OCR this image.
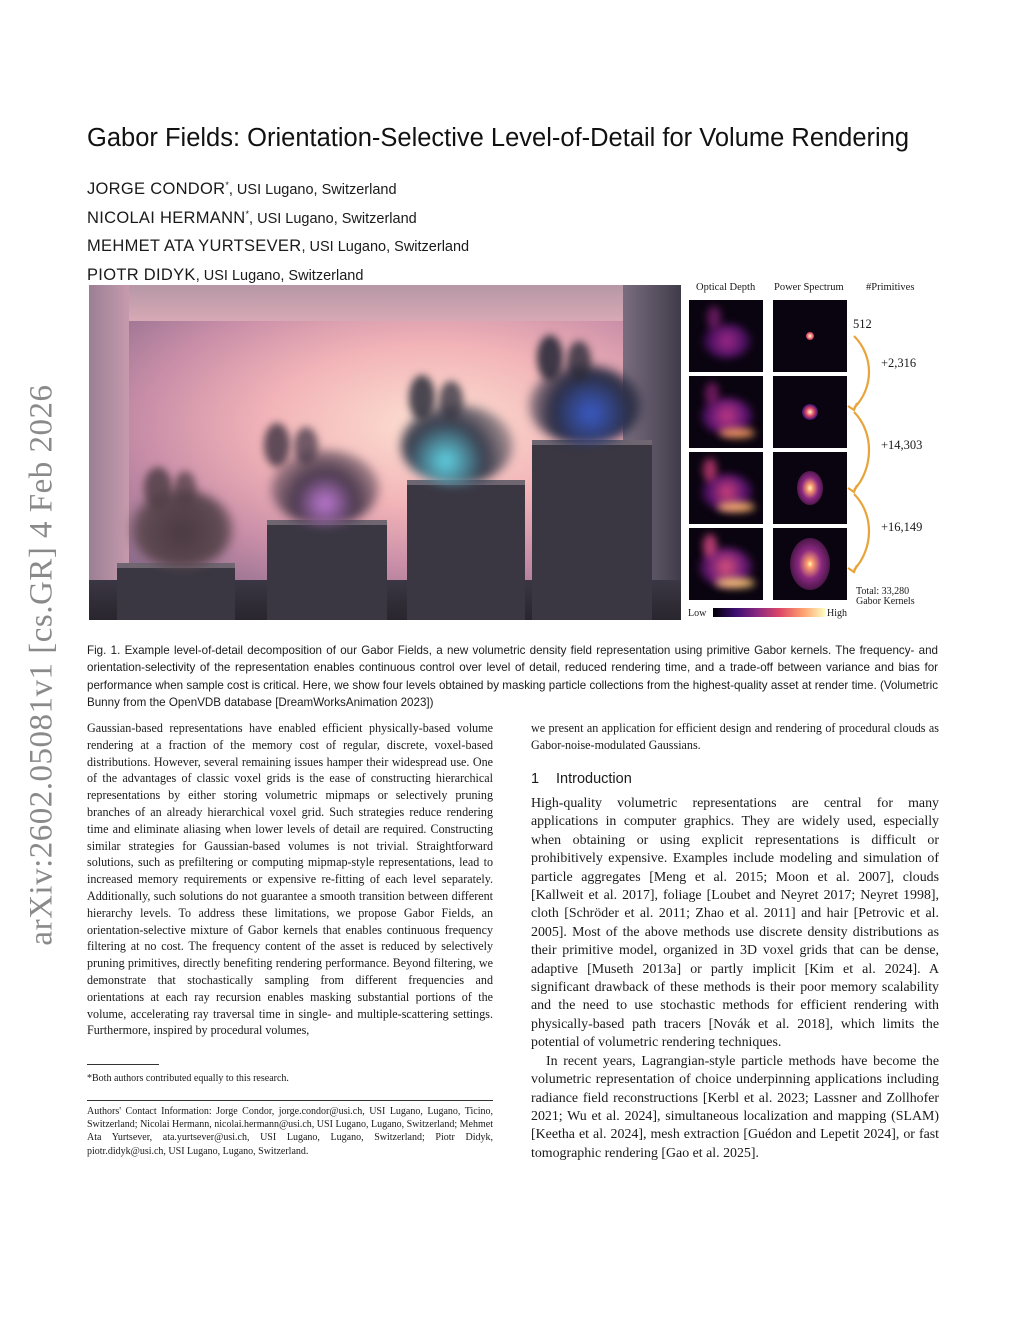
arXiv:2602.05081v1 [cs.GR] 4 Feb 2026
Gabor Fields: Orientation-Selective Level-of-Detail for Volume Rendering
JORGE CONDOR*, USI Lugano, Switzerland
NICOLAI HERMANN*, USI Lugano, Switzerland
MEHMET ATA YURTSEVER, USI Lugano, Switzerland
PIOTR DIDYK, USI Lugano, Switzerland
Optical Depth Power Spectrum #Primitives
512
+2,316
+14,303
+16,149
Total: 33,280
Gabor Kernels
Low	High
Fig. 1. Example level-of-detail decomposition of our Gabor Fields, a new volumetric density field representation using primitive Gabor kernels. The frequency- and orientation-selectivity of the representation enables continuous control over level of detail, reduced rendering time, and a trade-off between variance and bias for performance when sample cost is critical. Here, we show four levels obtained by masking particle collections from the highest-quality asset at render time. (Volumetric Bunny from the OpenVDB database [DreamWorksAnimation 2023])
Gaussian-based representations have enabled efficient physically-based volume rendering at a fraction of the memory cost of regular, discrete, voxel-based distributions. However, several remaining issues hamper their widespread use. One of the advantages of classic voxel grids is the ease of constructing hierarchical representations by either storing volumetric mipmaps or selectively pruning branches of an already hierarchical voxel grid. Such strategies reduce rendering time and eliminate aliasing when lower levels of detail are required. Constructing similar strategies for Gaussian-based volumes is not trivial. Straightforward solutions, such as prefiltering or computing mipmap-style representations, lead to increased memory requirements or expensive re-fitting of each level separately. Additionally, such solutions do not guarantee a smooth transition between different hierarchy levels. To address these limitations, we propose Gabor Fields, an orientation-selective mixture of Gabor kernels that enables continuous frequency filtering at no cost. The frequency content of the asset is reduced by selectively pruning primitives, directly benefiting rendering performance. Beyond filtering, we demonstrate that stochastically sampling from different frequencies and orientations at each ray recursion enables masking substantial portions of the volume, accelerating ray traversal time in single- and multiple-scattering settings. Furthermore, inspired by procedural volumes,
we present an application for efficient design and rendering of procedural clouds as Gabor-noise-modulated Gaussians.
1 Introduction

High-quality volumetric representations are central for many applications in computer graphics. They are widely used, especially when obtaining or using explicit representations is difficult or prohibitively expensive. Examples include modeling and simulation of particle aggregates [Meng et al. 2015; Moon et al. 2007], clouds [Kallweit et al. 2017], foliage [Loubet and Neyret 2017; Neyret 1998], cloth [Schröder et al. 2011; Zhao et al. 2011] and hair [Petrovic et al. 2005]. Most of the above methods use discrete density distributions as their primitive model, organized in 3D voxel grids that can be dense, adaptive [Museth 2013a] or partly implicit [Kim et al. 2024]. A significant drawback of these methods is their poor memory scalability and the need to use stochastic methods for efficient rendering with physically-based path tracers [Novák et al. 2018], which limits the potential of volumetric rendering techniques.

In recent years, Lagrangian-style particle methods have become the volumetric representation of choice underpinning applications including radiance field reconstructions [Kerbl et al. 2023; Lassner and Zollhofer 2021; Wu et al. 2024], simultaneous localization and mapping (SLAM) [Keetha et al. 2024], mesh extraction [Guédon and Lepetit 2024], or fast tomographic rendering [Gao et al. 2025].

*Both authors contributed equally to this research.
Authors' Contact Information: Jorge Condor, jorge.condor@usi.ch, USI Lugano, Lugano, Ticino, Switzerland; Nicolai Hermann, nicolai.hermann@usi.ch, USI Lugano, Lugano, Switzerland; Mehmet Ata Yurtsever, ata.yurtsever@usi.ch, USI Lugano, Lugano, Switzerland; Piotr Didyk, piotr.didyk@usi.ch, USI Lugano, Lugano, Switzerland.
